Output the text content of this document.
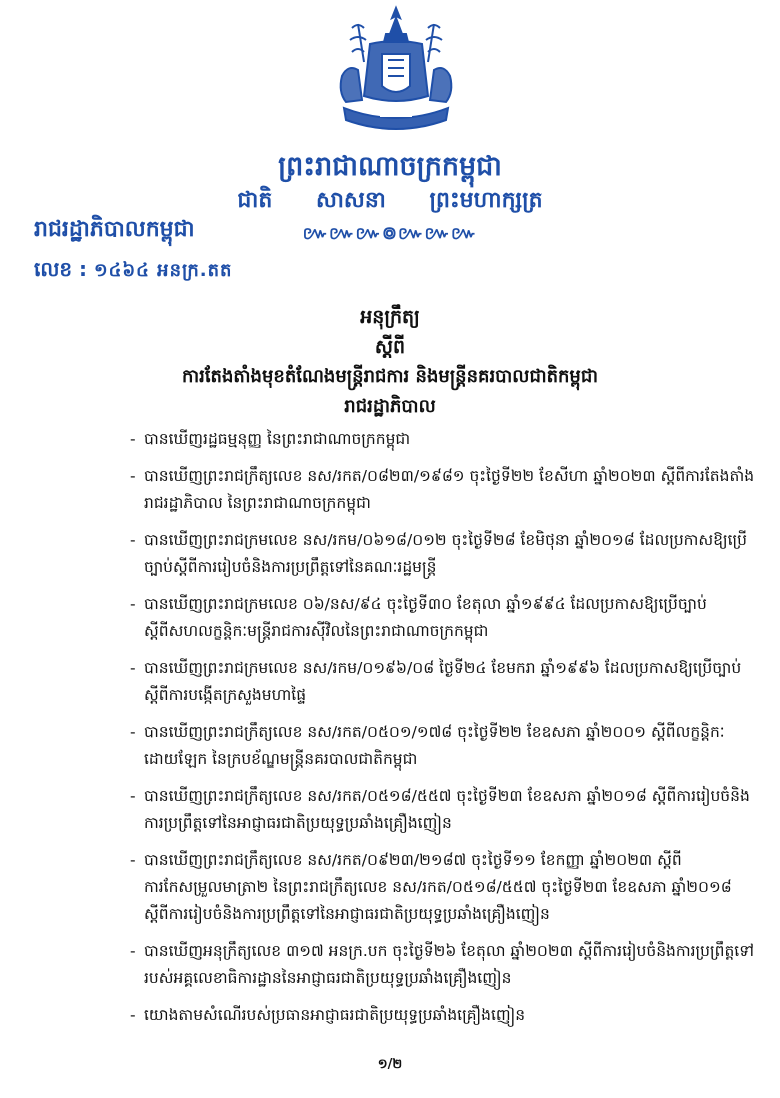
ព្រះរាជាណាចក្រកម្ពុជា
ជាតិ សាសនា ព្រះមហាក្សត្រ
៚៚៚៙៚៚៚
រាជរដ្ឋាភិបាលកម្ពុជា
លេខ : ១៤៦៤ អនក្រ.តត
អនុក្រឹត្យ
ស្តីពី
ការតែងតាំងមុខតំណែងមន្ត្រីរាជការ និងមន្ត្រីនគរបាលជាតិកម្ពុជា
រាជរដ្ឋាភិបាល
- បានឃើញរដ្ឋធម្មនុញ្ញ នៃព្រះរាជាណាចក្រកម្ពុជា
- បានឃើញព្រះរាជក្រឹត្យលេខ នស/រកត/០៨២៣/១៩៨១ ចុះថ្ងៃទី២២ ខែសីហា ឆ្នាំ២០២៣ ស្តីពីការតែងតាំងរាជរដ្ឋាភិបាល នៃព្រះរាជាណាចក្រកម្ពុជា
- បានឃើញព្រះរាជក្រមលេខ នស/រកម/០៦១៨/០១២ ចុះថ្ងៃទី២៨ ខែមិថុនា ឆ្នាំ២០១៨ ដែលប្រកាសឱ្យប្រើច្បាប់ស្តីពីការរៀបចំនិងការប្រព្រឹត្តទៅនៃគណៈរដ្ឋមន្ត្រី
- បានឃើញព្រះរាជក្រមលេខ ០៦/នស/៩៤ ចុះថ្ងៃទី៣០ ខែតុលា ឆ្នាំ១៩៩៤ ដែលប្រកាសឱ្យប្រើច្បាប់ស្តីពីសហលក្ខន្តិកៈមន្ត្រីរាជការស៊ីវិលនៃព្រះរាជាណាចក្រកម្ពុជា
- បានឃើញព្រះរាជក្រមលេខ នស/រកម/០១៩៦/០៨ ថ្ងៃទី២៤ ខែមករា ឆ្នាំ១៩៩៦ ដែលប្រកាសឱ្យប្រើច្បាប់ស្តីពីការបង្កើតក្រសួងមហាផ្ទៃ
- បានឃើញព្រះរាជក្រឹត្យលេខ នស/រកត/០៥០១/១៧៨ ចុះថ្ងៃទី២២ ខែឧសភា ឆ្នាំ២០០១ ស្តីពីលក្ខន្តិកៈដោយឡែក នៃក្របខ័ណ្ឌមន្ត្រីនគរបាលជាតិកម្ពុជា
- បានឃើញព្រះរាជក្រឹត្យលេខ នស/រកត/០៥១៨/៥៥៧ ចុះថ្ងៃទី២៣ ខែឧសភា ឆ្នាំ២០១៨ ស្តីពីការរៀបចំនិងការប្រព្រឹត្តទៅនៃអាជ្ញាធរជាតិប្រយុទ្ធប្រឆាំងគ្រឿងញៀន
- បានឃើញព្រះរាជក្រឹត្យលេខ នស/រកត/០៩២៣/២១៨៧ ចុះថ្ងៃទី១១ ខែកញ្ញា ឆ្នាំ២០២៣ ស្តីពីការកែសម្រួលមាត្រា២ នៃព្រះរាជក្រឹត្យលេខ នស/រកត/០៥១៨/៥៥៧ ចុះថ្ងៃទី២៣ ខែឧសភា ឆ្នាំ២០១៨ ស្តីពីការរៀបចំនិងការប្រព្រឹត្តទៅនៃអាជ្ញាធរជាតិប្រយុទ្ធប្រឆាំងគ្រឿងញៀន
- បានឃើញអនុក្រឹត្យលេខ ៣១៧ អនក្រ.បក ចុះថ្ងៃទី២៦ ខែតុលា ឆ្នាំ២០២៣ ស្តីពីការរៀបចំនិងការប្រព្រឹត្តទៅរបស់អគ្គលេខាធិការដ្ឋាននៃអាជ្ញាធរជាតិប្រយុទ្ធប្រឆាំងគ្រឿងញៀន
- យោងតាមសំណើរបស់ប្រធានអាជ្ញាធរជាតិប្រយុទ្ធប្រឆាំងគ្រឿងញៀន
១/២
